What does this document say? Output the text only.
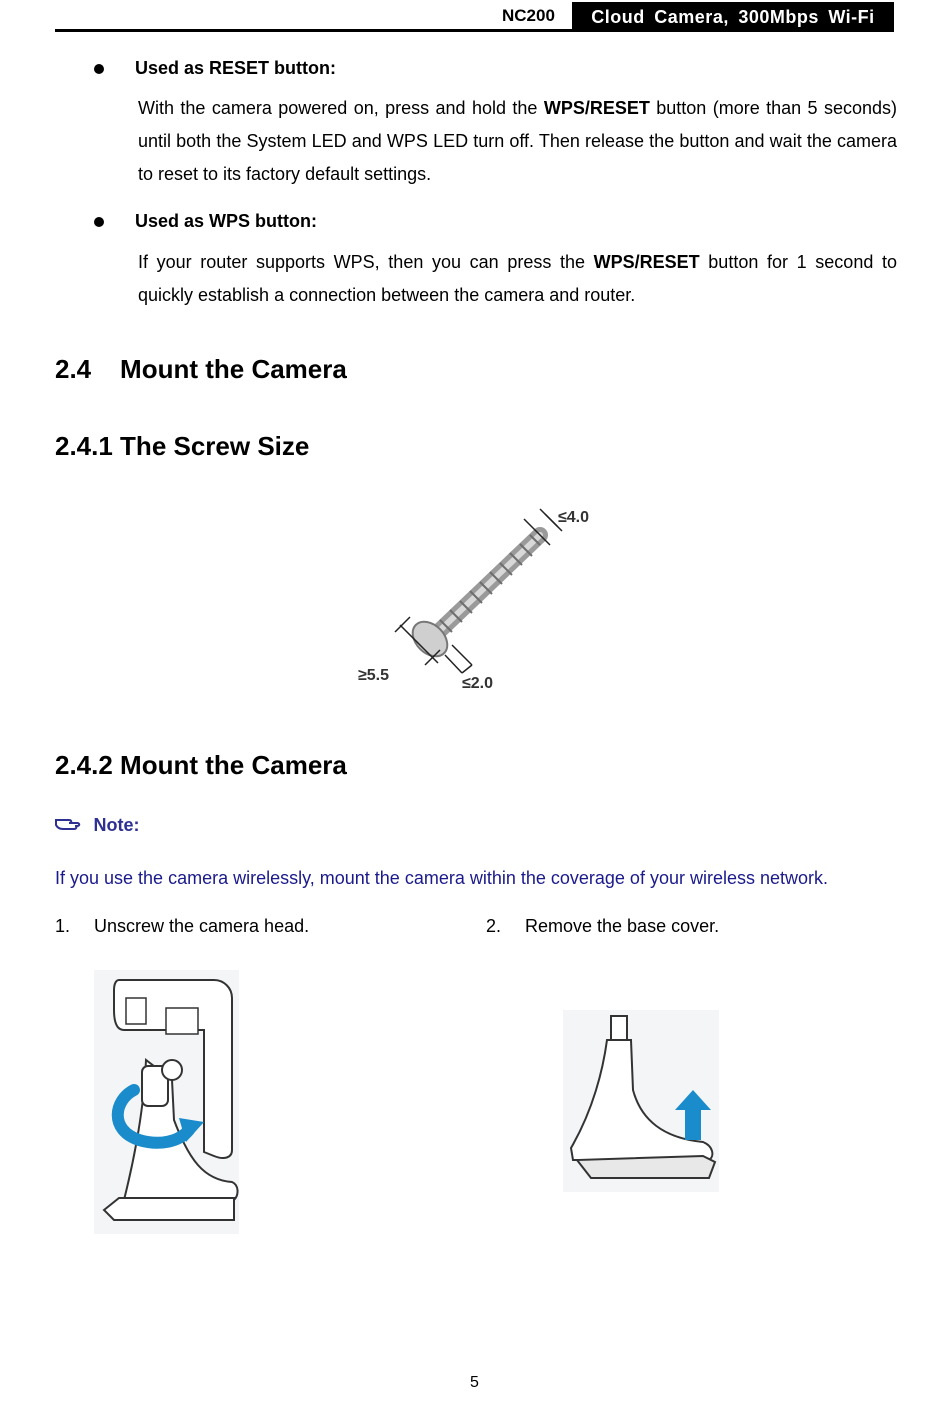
NC200	Cloud Camera, 300Mbps Wi-Fi
Used as RESET button:
With the camera powered on, press and hold the WPS/RESET button (more than 5 seconds) until both the System LED and WPS LED turn off. Then release the button and wait the camera to reset to its factory default settings.
Used as WPS button:
If your router supports WPS, then you can press the WPS/RESET button for 1 second to quickly establish a connection between the camera and router.
2.4    Mount the Camera
2.4.1 The Screw Size
≤4.0
≥5.5	≤2.0
2.4.2 Mount the Camera
Note:
If you use the camera wirelessly, mount the camera within the coverage of your wireless network.
1. Unscrew the camera head.	2. Remove the base cover.
5
